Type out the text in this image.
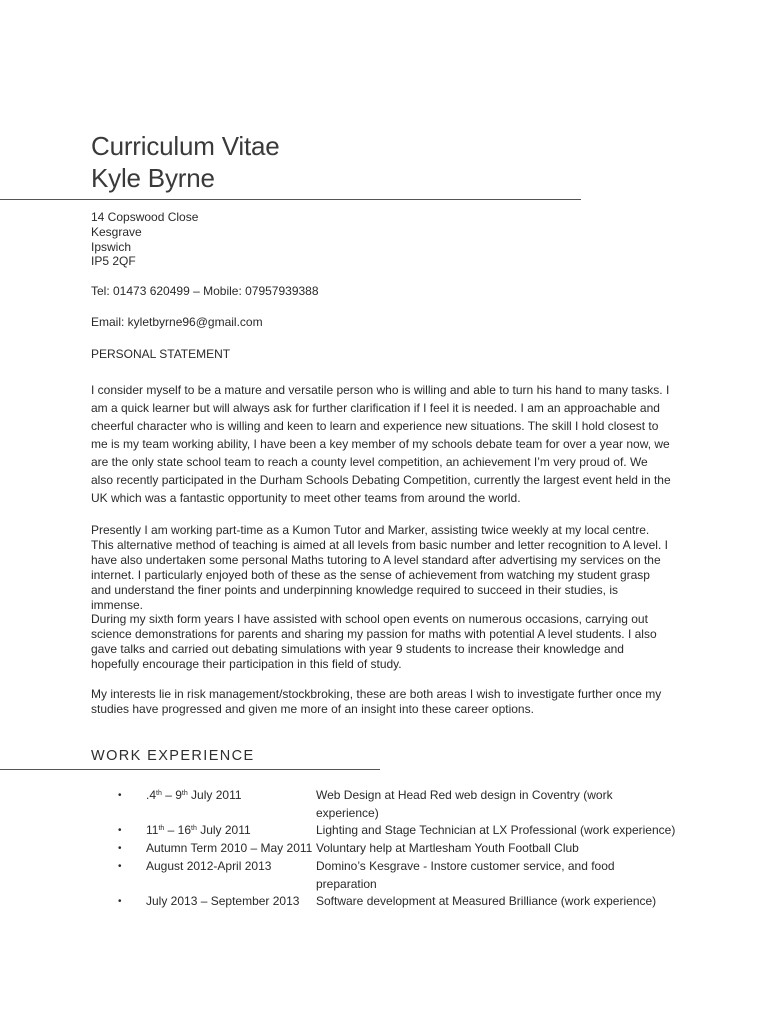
Curriculum Vitae
Kyle Byrne
14 Copswood Close
Kesgrave
Ipswich
IP5 2QF
Tel: 01473 620499 – Mobile: 07957939388
Email: kyletbyrne96@gmail.com
PERSONAL STATEMENT
I consider myself to be a mature and versatile person who is willing and able to turn his hand to many tasks. I am a quick learner but will always ask for further clarification if I feel it is needed. I am an approachable and cheerful character who is willing and keen to learn and experience new situations. The skill I hold closest to me is my team working ability, I have been a key member of my schools debate team for over a year now, we are the only state school team to reach a county level competition, an achievement I’m very proud of. We also recently participated in the Durham Schools Debating Competition, currently the largest event held in the UK which was a fantastic opportunity to meet other teams from around the world.
Presently I am working part-time as a Kumon Tutor and Marker, assisting twice weekly at my local centre. This alternative method of teaching is aimed at all levels from basic number and letter recognition to A level. I have also undertaken some personal Maths tutoring to A level standard after advertising my services on the internet. I particularly enjoyed both of these as the sense of achievement from watching my student grasp and understand the finer points and underpinning knowledge required to succeed in their studies, is immense.
During my sixth form years I have assisted with school open events on numerous occasions, carrying out science demonstrations for parents and sharing my passion for maths with potential A level students. I also gave talks and carried out debating simulations with year 9 students to increase their knowledge and hopefully encourage their participation in this field of study.
My interests lie in risk management/stockbroking, these are both areas I wish to investigate further once my studies have progressed and given me more of an insight into these career options.
WORK EXPERIENCE
•	.4th – 9th July 2011	Web Design at Head Red web design in Coventry (work experience)
•	11th – 16th July 2011	Lighting and Stage Technician at LX Professional (work experience)
•	Autumn Term 2010 – May 2011 Voluntary help at Martlesham Youth Football Club
•	August 2012-April 2013	Domino’s Kesgrave - Instore customer service, and food preparation
•	July 2013 – September 2013	Software development at Measured Brilliance (work experience)
